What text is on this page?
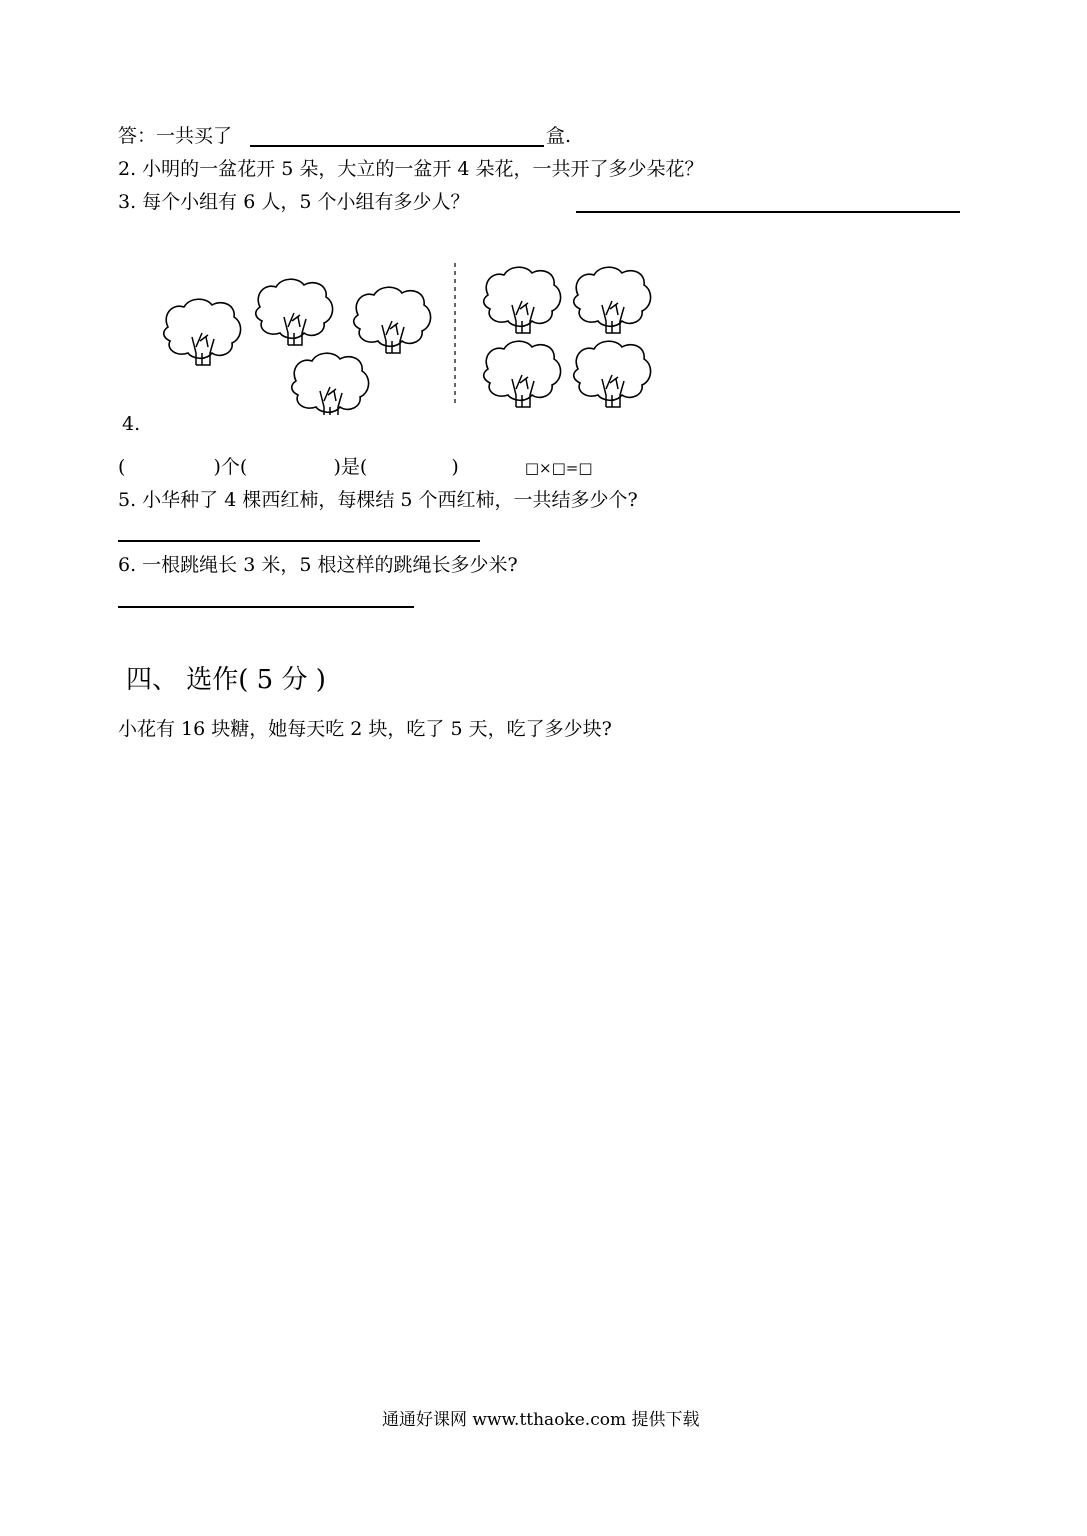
答：一共买了	盒.
2. 小明的一盆花开 5 朵，大立的一盆开 4 朵花，一共开了多少朵花？
3. 每个小组有 6 人，5 个小组有多少人？
4.
(	)个(	)是(	)	□×□=□
5. 小华种了 4 棵西红柿，每棵结 5 个西红柿，一共结多少个?
6. 一根跳绳长 3 米，5 根这样的跳绳长多少米?
四、 选作( 5 分 )
小花有 16 块糖，她每天吃 2 块，吃了 5 天，吃了多少块?
通通好课网 www.tthaoke.com 提供下载
